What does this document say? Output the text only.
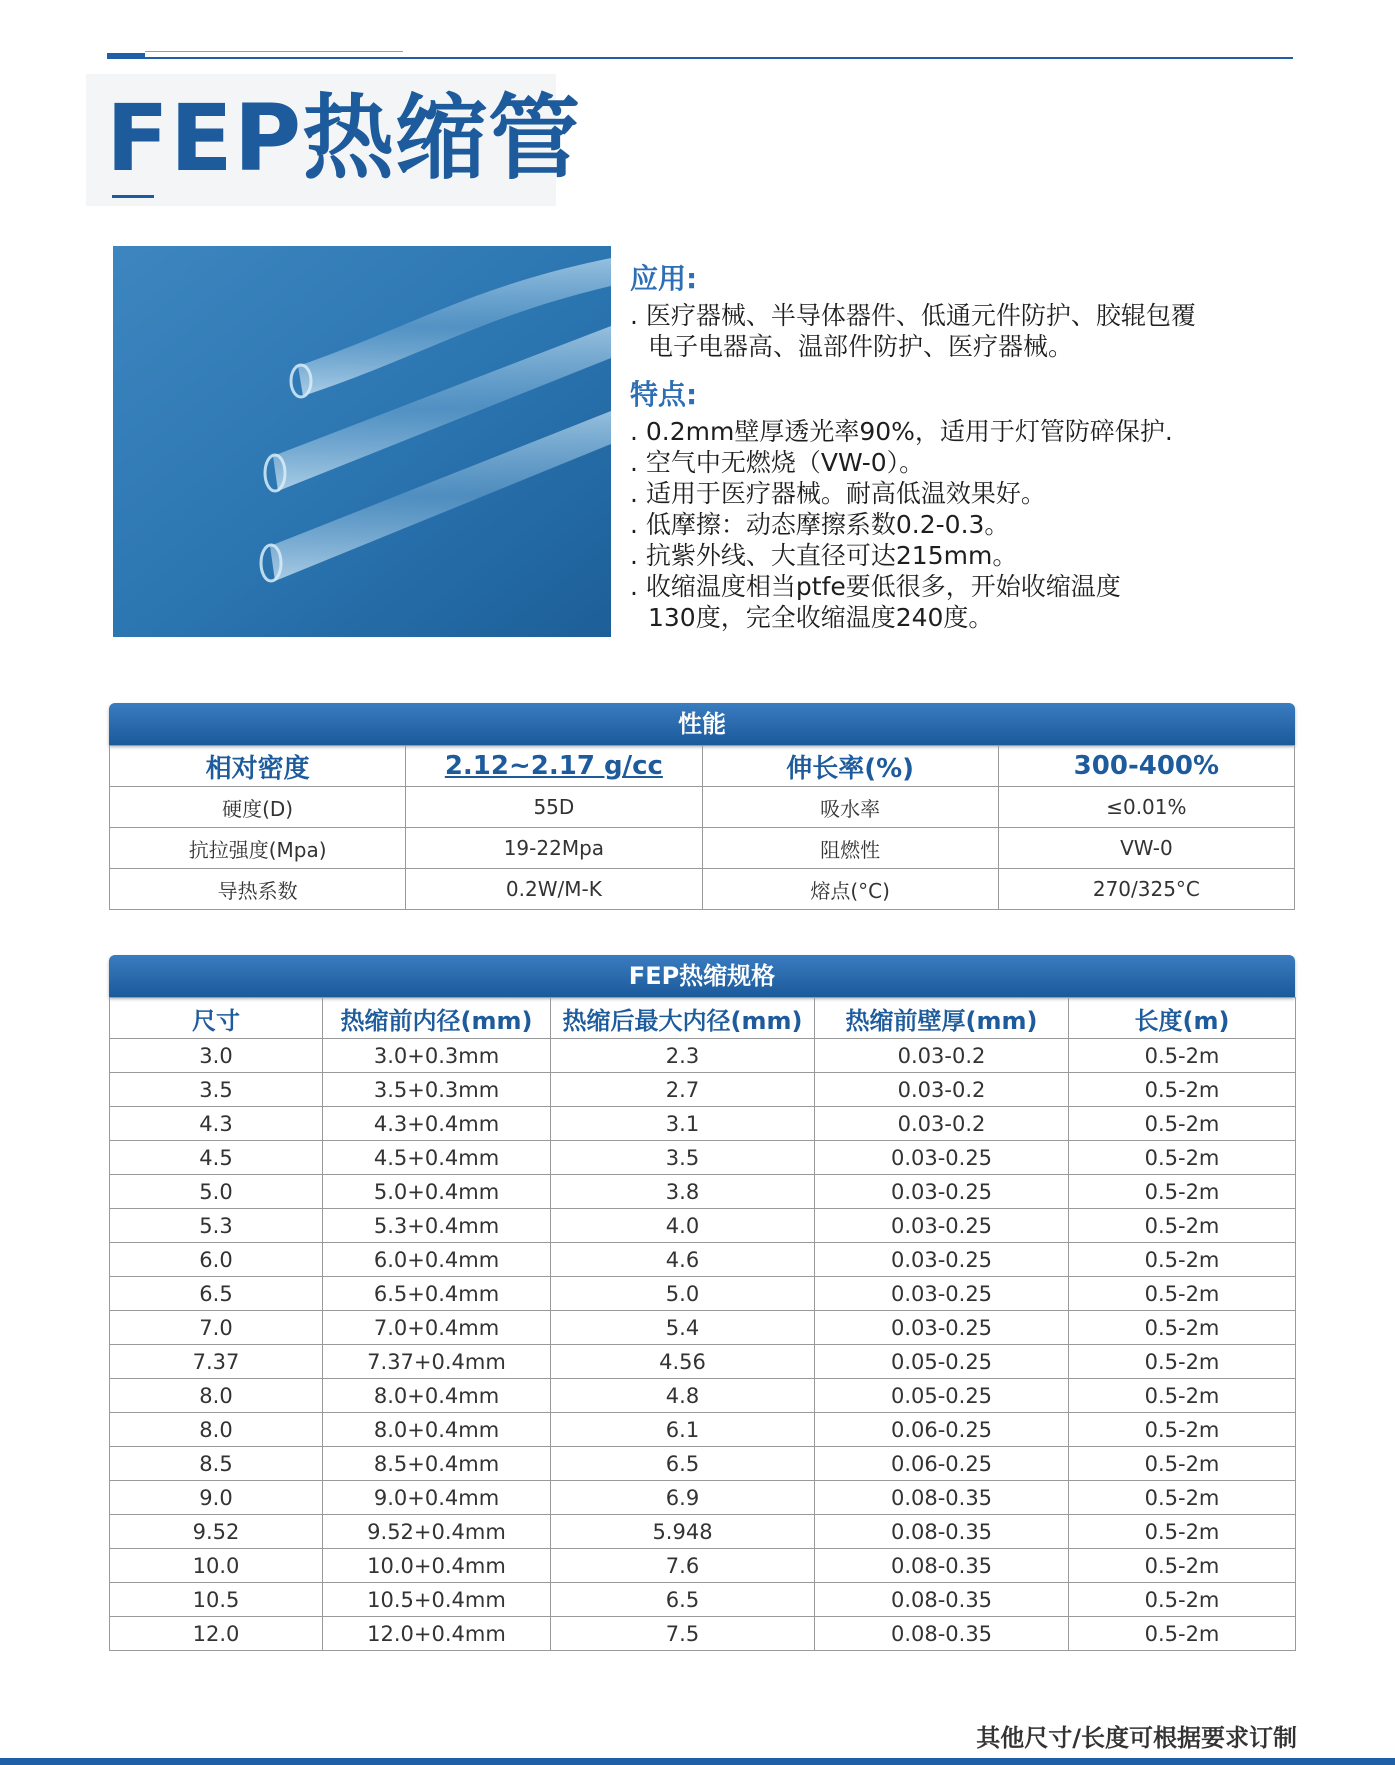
FEP热缩管
应用:
. 医疗器械、半导体器件、低通元件防护、胶辊包覆
电子电器高、温部件防护、医疗器械。
特点:
. 0.2mm壁厚透光率90%，适用于灯管防碎保护.
. 空气中无燃烧（VW-0）。
. 适用于医疗器械。耐高低温效果好。
. 低摩擦：动态摩擦系数0.2-0.3。
. 抗紫外线、大直径可达215mm。
. 收缩温度相当ptfe要低很多，开始收缩温度
130度，完全收缩温度240度。
性能
相对密度	2.12~2.17 g/cc	伸长率(%)	300-400%
硬度(D)	55D	吸水率	≤0.01%
抗拉强度(Mpa)	19-22Mpa	阻燃性	VW-0
导热系数	0.2W/M-K	熔点(°C)	270/325°C
FEP热缩规格
尺寸	热缩前内径(mm)	热缩后最大内径(mm)	热缩前壁厚(mm)	长度(m)
3.0	3.0+0.3mm	2.3	0.03-0.2	0.5-2m
3.5	3.5+0.3mm	2.7	0.03-0.2	0.5-2m
4.3	4.3+0.4mm	3.1	0.03-0.2	0.5-2m
4.5	4.5+0.4mm	3.5	0.03-0.25	0.5-2m
5.0	5.0+0.4mm	3.8	0.03-0.25	0.5-2m
5.3	5.3+0.4mm	4.0	0.03-0.25	0.5-2m
6.0	6.0+0.4mm	4.6	0.03-0.25	0.5-2m
6.5	6.5+0.4mm	5.0	0.03-0.25	0.5-2m
7.0	7.0+0.4mm	5.4	0.03-0.25	0.5-2m
7.37	7.37+0.4mm	4.56	0.05-0.25	0.5-2m
8.0	8.0+0.4mm	4.8	0.05-0.25	0.5-2m
8.0	8.0+0.4mm	6.1	0.06-0.25	0.5-2m
8.5	8.5+0.4mm	6.5	0.06-0.25	0.5-2m
9.0	9.0+0.4mm	6.9	0.08-0.35	0.5-2m
9.52	9.52+0.4mm	5.948	0.08-0.35	0.5-2m
10.0	10.0+0.4mm	7.6	0.08-0.35	0.5-2m
10.5	10.5+0.4mm	6.5	0.08-0.35	0.5-2m
12.0	12.0+0.4mm	7.5	0.08-0.35	0.5-2m
其他尺寸/长度可根据要求订制
